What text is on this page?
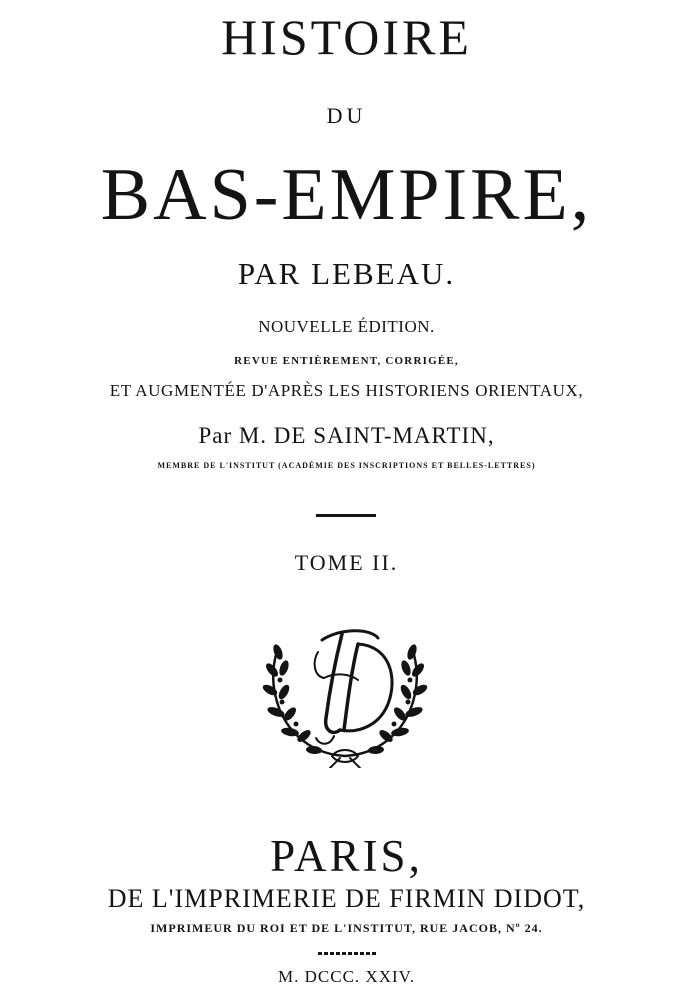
HISTOIRE
DU
BAS-EMPIRE,
PAR LEBEAU.
NOUVELLE ÉDITION.
REVUE ENTIÈREMENT, CORRIGÉE,
ET AUGMENTÉE D'APRÈS LES HISTORIENS ORIENTAUX,
Par M. DE SAINT-MARTIN,
MEMBRE DE L'INSTITUT (ACADÉMIE DES INSCRIPTIONS ET BELLES-LETTRES)
TOME II.
PARIS,
DE L'IMPRIMERIE DE FIRMIN DIDOT,
IMPRIMEUR DU ROI ET DE L'INSTITUT, RUE JACOB, Nº 24.
M. DCCC. XXIV.
